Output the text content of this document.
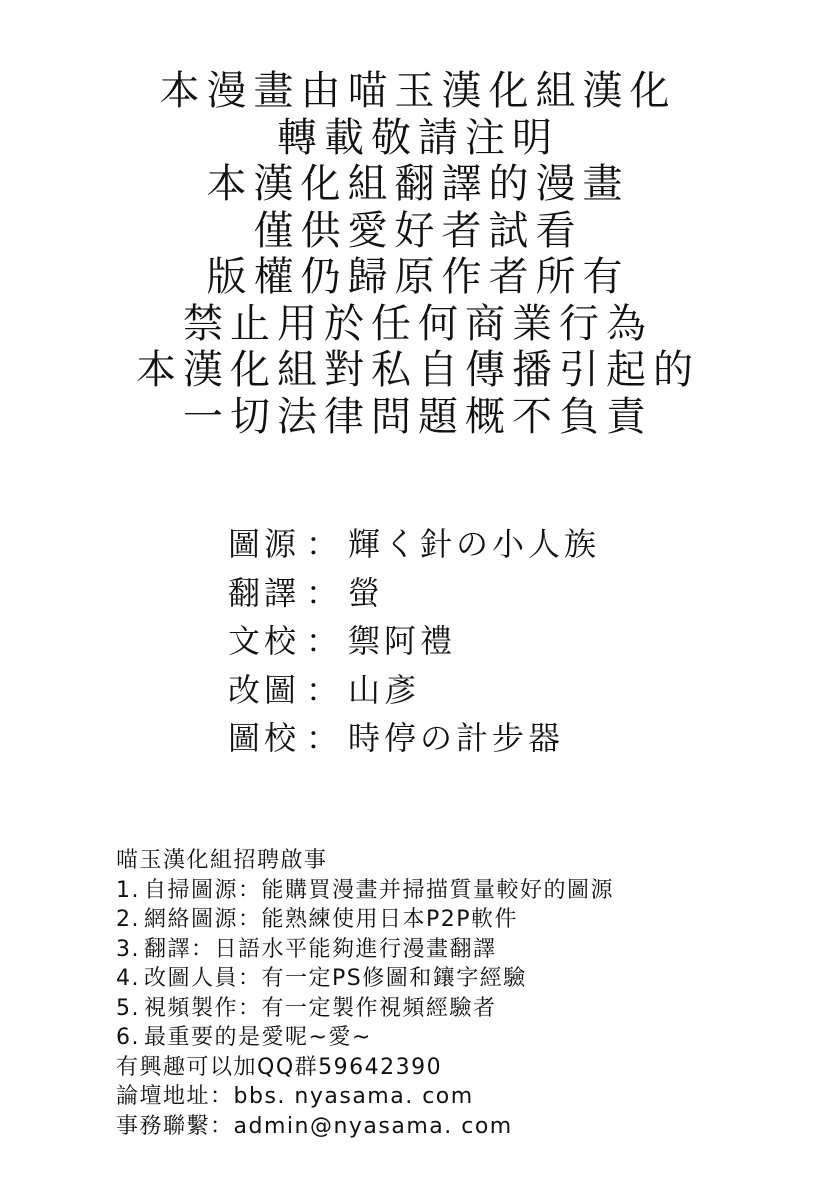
本漫畫由喵玉漢化組漢化
轉載敬請注明
本漢化組翻譯的漫畫
僅供愛好者試看
版權仍歸原作者所有
禁止用於任何商業行為
本漢化組對私自傳播引起的
一切法律問題概不負責
圖源 ： 輝く針の小人族
翻譯 ： 螢
文校 ： 禦阿禮
改圖 ： 山彥
圖校 ： 時停の計步器
喵玉漢化組招聘啟事
1. 自掃圖源：能購買漫畫并掃描質量較好的圖源
2. 網絡圖源：能熟練使用日本P2P軟件
3. 翻譯：日語水平能夠進行漫畫翻譯
4. 改圖人員：有一定PS修圖和鑲字經驗
5. 視頻製作：有一定製作視頻經驗者
6. 最重要的是愛呢~愛~
有興趣可以加QQ群59642390
論壇地址：bbs. nyasama. com
事務聯繫：admin@nyasama. com
